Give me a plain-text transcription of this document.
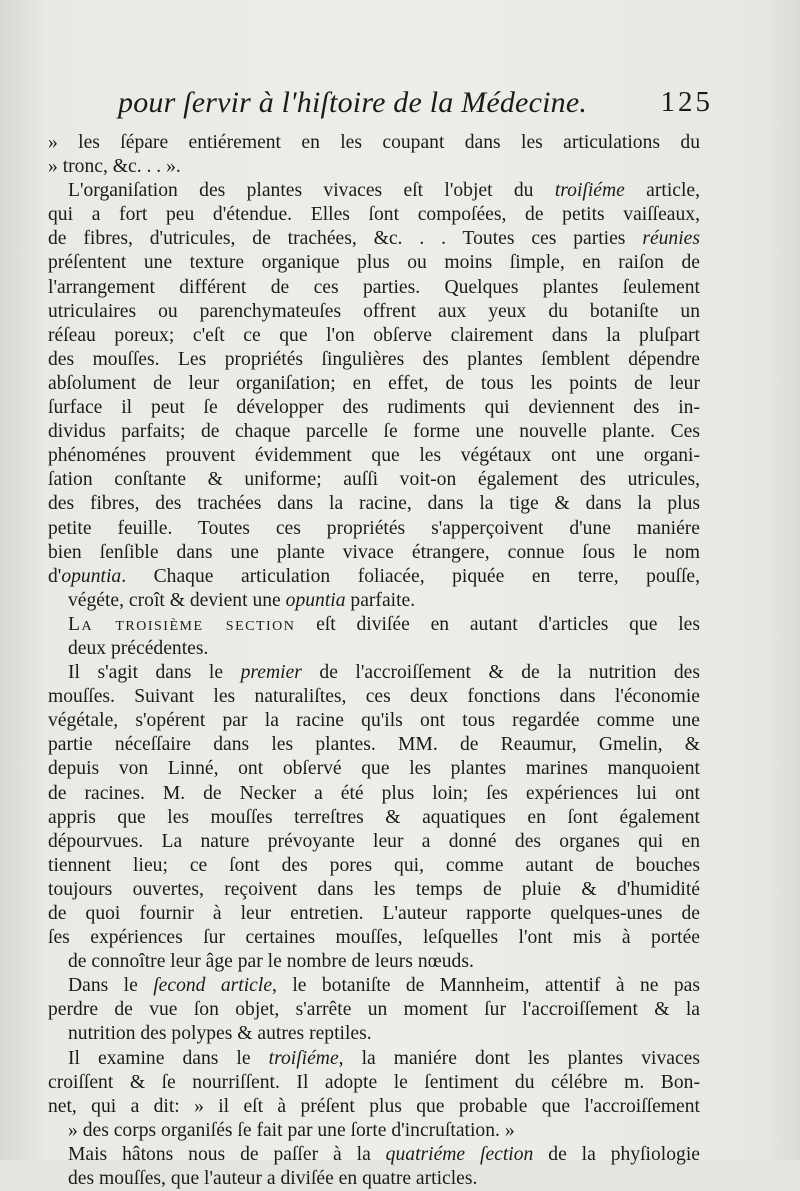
pour ſervir à l'hiſtoire de la Médecine.	125

» les ſépare entiérement en les coupant dans les articulations du
» tronc, &c. . . ».

L'organiſation des plantes vivaces eſt l'objet du troiſiéme article,
qui a fort peu d'étendue. Elles ſont compoſées, de petits vaiſſeaux,
de fibres, d'utricules, de trachées, &c. . . Toutes ces parties réunies
préſentent une texture organique plus ou moins ſimple, en raiſon de
l'arrangement différent de ces parties. Quelques plantes ſeulement
utriculaires ou parenchymateuſes offrent aux yeux du botaniſte un
réſeau poreux; c'eſt ce que l'on obſerve clairement dans la pluſpart
des mouſſes. Les propriétés ſingulières des plantes ſemblent dépendre
abſolument de leur organiſation; en effet, de tous les points de leur
ſurface il peut ſe développer des rudiments qui deviennent des in-
dividus parfaits; de chaque parcelle ſe forme une nouvelle plante. Ces
phénoménes prouvent évidemment que les végétaux ont une organi-
ſation conſtante & uniforme; auſſi voit-on également des utricules,
des fibres, des trachées dans la racine, dans la tige & dans la plus
petite feuille. Toutes ces propriétés s'apperçoivent d'une maniére
bien ſenſible dans une plante vivace étrangere, connue ſous le nom
d'opuntia. Chaque articulation foliacée, piquée en terre, pouſſe,
végéte, croît & devient une opuntia parfaite.

La troisième section eſt diviſée en autant d'articles que les
deux précédentes.

Il s'agit dans le premier de l'accroiſſement & de la nutrition des
mouſſes. Suivant les naturaliſtes, ces deux fonctions dans l'économie
végétale, s'opérent par la racine qu'ils ont tous regardée comme une
partie néceſſaire dans les plantes. MM. de Reaumur, Gmelin, &
depuis von Linné, ont obſervé que les plantes marines manquoient
de racines. M. de Necker a été plus loin; ſes expériences lui ont
appris que les mouſſes terreſtres & aquatiques en ſont également
dépourvues. La nature prévoyante leur a donné des organes qui en
tiennent lieu; ce ſont des pores qui, comme autant de bouches
toujours ouvertes, reçoivent dans les temps de pluie & d'humidité
de quoi fournir à leur entretien. L'auteur rapporte quelques-unes de
ſes expériences ſur certaines mouſſes, leſquelles l'ont mis à portée
de connoître leur âge par le nombre de leurs nœuds.

Dans le ſecond article, le botaniſte de Mannheim, attentif à ne pas
perdre de vue ſon objet, s'arrête un moment ſur l'accroiſſement & la
nutrition des polypes & autres reptiles.

Il examine dans le troiſiéme, la maniére dont les plantes vivaces
croiſſent & ſe nourriſſent. Il adopte le ſentiment du célébre m. Bon-
net, qui a dit: » il eſt à préſent plus que probable que l'accroiſſement
» des corps organiſés ſe fait par une ſorte d'incruſtation. »

Mais hâtons nous de paſſer à la quatriéme ſection de la phyſiologie
des mouſſes, que l'auteur a diviſée en quatre articles.
